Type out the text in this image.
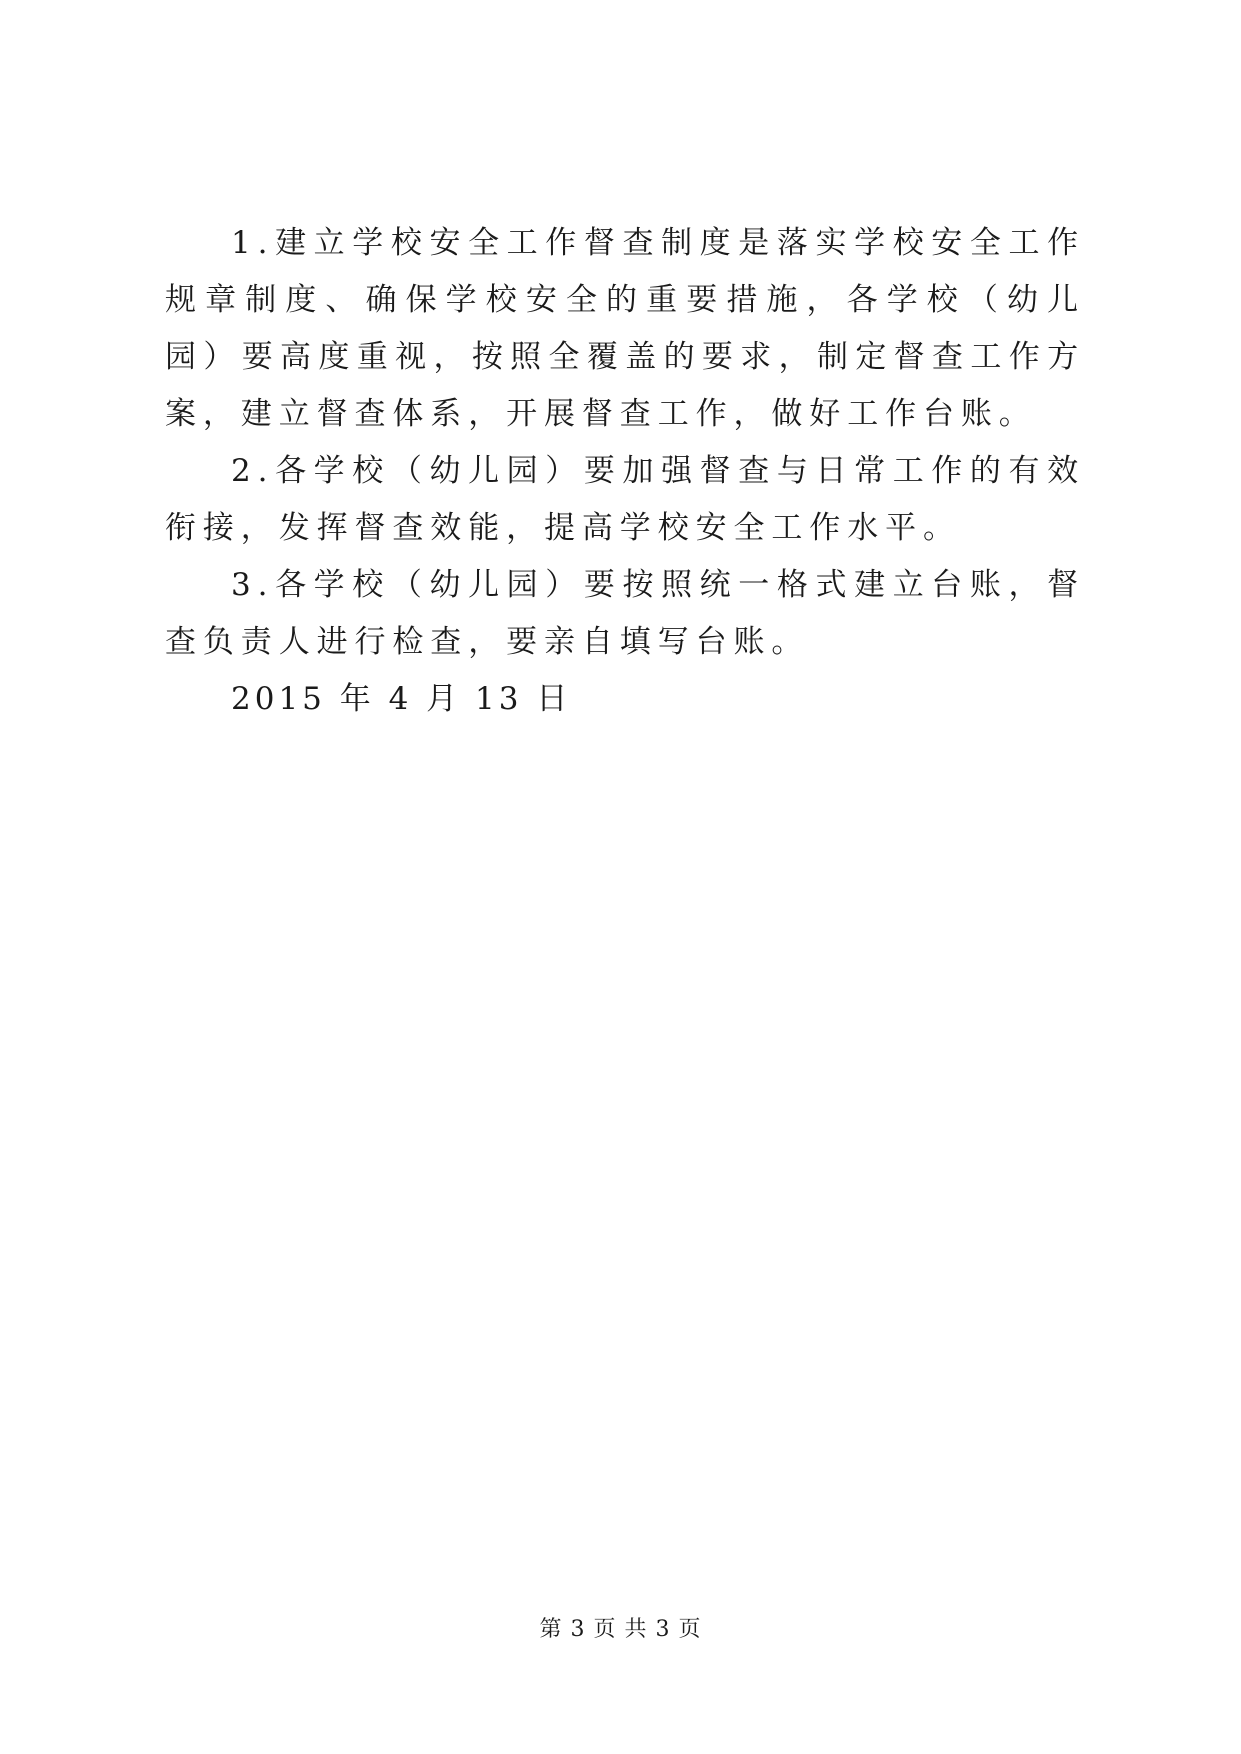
1.建立学校安全工作督查制度是落实学校安全工作规章制度、确保学校安全的重要措施，各学校（幼儿园）要高度重视，按照全覆盖的要求，制定督查工作方案，建立督查体系，开展督查工作，做好工作台账。

2.各学校（幼儿园）要加强督查与日常工作的有效衔接，发挥督查效能，提高学校安全工作水平。

3.各学校（幼儿园）要按照统一格式建立台账，督查负责人进行检查，要亲自填写台账。

2015 年 4 月 13 日

第 3 页 共 3 页
